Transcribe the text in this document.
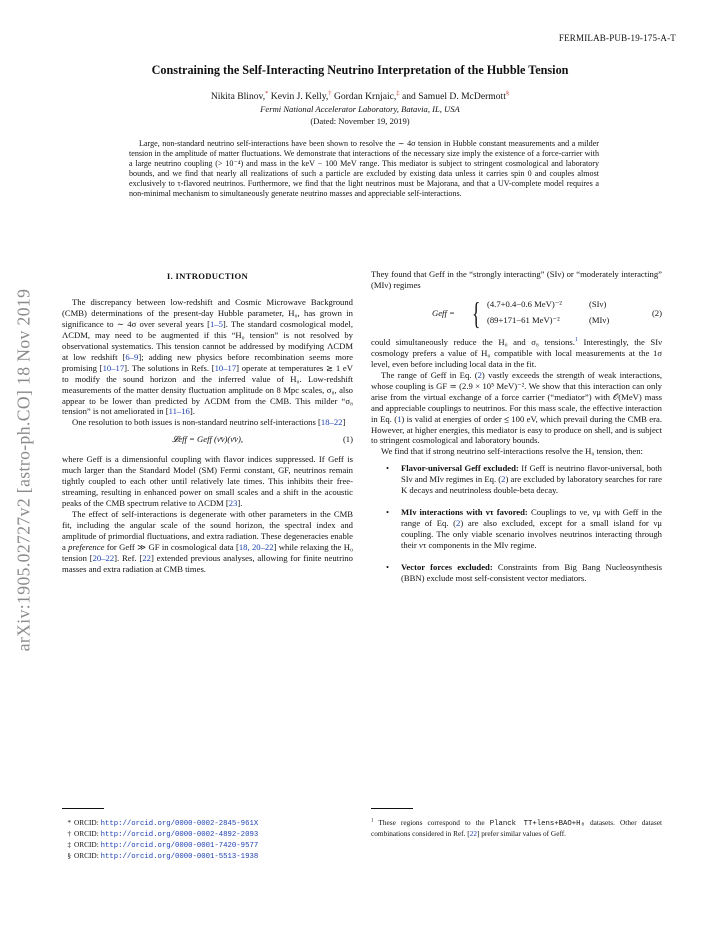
FERMILAB-PUB-19-175-A-T
Constraining the Self-Interacting Neutrino Interpretation of the Hubble Tension
Nikita Blinov,* Kevin J. Kelly,† Gordan Krnjaic,‡ and Samuel D. McDermott§
Fermi National Accelerator Laboratory, Batavia, IL, USA
(Dated: November 19, 2019)

Large, non-standard neutrino self-interactions have been shown to resolve the ∼ 4σ tension in Hubble constant measurements and a milder tension in the amplitude of matter fluctuations. We demonstrate that interactions of the necessary size imply the existence of a force-carrier with a large neutrino coupling (> 10⁻⁴) and mass in the keV − 100 MeV range. This mediator is subject to stringent cosmological and laboratory bounds, and we find that nearly all realizations of such a particle are excluded by existing data unless it carries spin 0 and couples almost exclusively to τ-flavored neutrinos. Furthermore, we find that the light neutrinos must be Majorana, and that a UV-complete model requires a non-minimal mechanism to simultaneously generate neutrino masses and appreciable self-interactions.

arXiv:1905.02727v2 [astro-ph.CO] 18 Nov 2019

I. INTRODUCTION

The discrepancy between low-redshift and Cosmic Microwave Background (CMB) determinations of the present-day Hubble parameter, H₀, has grown in significance to ∼ 4σ over several years [1–5]. The standard cosmological model, ΛCDM, may need to be augmented if this “H₀ tension” is not resolved by observational systematics. This tension cannot be addressed by modifying ΛCDM at low redshift [6–9]; adding new physics before recombination seems more promising [10–17]. The solutions in Refs. [10–17] operate at temperatures ≳ 1 eV to modify the sound horizon and the inferred value of H₀. Low-redshift measurements of the matter density fluctuation amplitude on 8 Mpc scales, σ₈, also appear to be lower than predicted by ΛCDM from the CMB. This milder “σ₈ tension” is not ameliorated in [11–16].

One resolution to both issues is non-standard neutrino self-interactions [18–22]

𝓛eff = Geff (ν̄ν)(ν̄ν),	(1)

where Geff is a dimensionful coupling with flavor indices suppressed. If Geff is much larger than the Standard Model (SM) Fermi constant, GF, neutrinos remain tightly coupled to each other until relatively late times. This inhibits their free-streaming, resulting in enhanced power on small scales and a shift in the acoustic peaks of the CMB spectrum relative to ΛCDM [23].

The effect of self-interactions is degenerate with other parameters in the CMB fit, including the angular scale of the sound horizon, the spectral index and amplitude of primordial fluctuations, and extra radiation. These degeneracies enable a preference for Geff ≫ GF in cosmological data [18, 20–22] while relaxing the H₀ tension [20–22]. Ref. [22] extended previous analyses, allowing for finite neutrino masses and extra radiation at CMB times.

They found that Geff in the “strongly interacting” (SIν) or “moderately interacting” (MIν) regimes

Geff = { (4.7+0.4−0.6 MeV)⁻²	(SIν)
(89+171−61 MeV)⁻²	(MIν)
(2)

could simultaneously reduce the H₀ and σ₈ tensions.$^1$ Interestingly, the SIν cosmology prefers a value of H₀ compatible with local measurements at the 1σ level, even before including local data in the fit.

The range of Geff in Eq. (2) vastly exceeds the strength of weak interactions, whose coupling is GF ≃ (2.9 × 10⁵ MeV)⁻². We show that this interaction can only arise from the virtual exchange of a force carrier (“mediator”) with 𝒪(MeV) mass and appreciable couplings to neutrinos. For this mass scale, the effective interaction in Eq. (1) is valid at energies of order ≲ 100 eV, which prevail during the CMB era. However, at higher energies, this mediator is easy to produce on shell, and is subject to stringent cosmological and laboratory bounds.

We find that if strong neutrino self-interactions resolve the H₀ tension, then:

• Flavor-universal Geff excluded: If Geff is neutrino flavor-universal, both SIν and MIν regimes in Eq. (2) are excluded by laboratory searches for rare K decays and neutrinoless double-beta decay.
• MIν interactions with ντ favored: Couplings to νe, νμ with Geff in the range of Eq. (2) are also excluded, except for a small island for νμ coupling. The only viable scenario involves neutrinos interacting through their ντ components in the MIν regime.
• Vector forces excluded: Constraints from Big Bang Nucleosynthesis (BBN) exclude most self-consistent vector mediators.
* ORCID: http://orcid.org/0000-0002-2845-961X
† ORCID: http://orcid.org/0000-0002-4892-2093
‡ ORCID: http://orcid.org/0000-0001-7420-9577
§ ORCID: http://orcid.org/0000-0001-5513-1938
$^1$ These regions correspond to the Planck TT+lens+BAO+H₀ datasets. Other dataset combinations considered in Ref. [22] prefer similar values of Geff.
